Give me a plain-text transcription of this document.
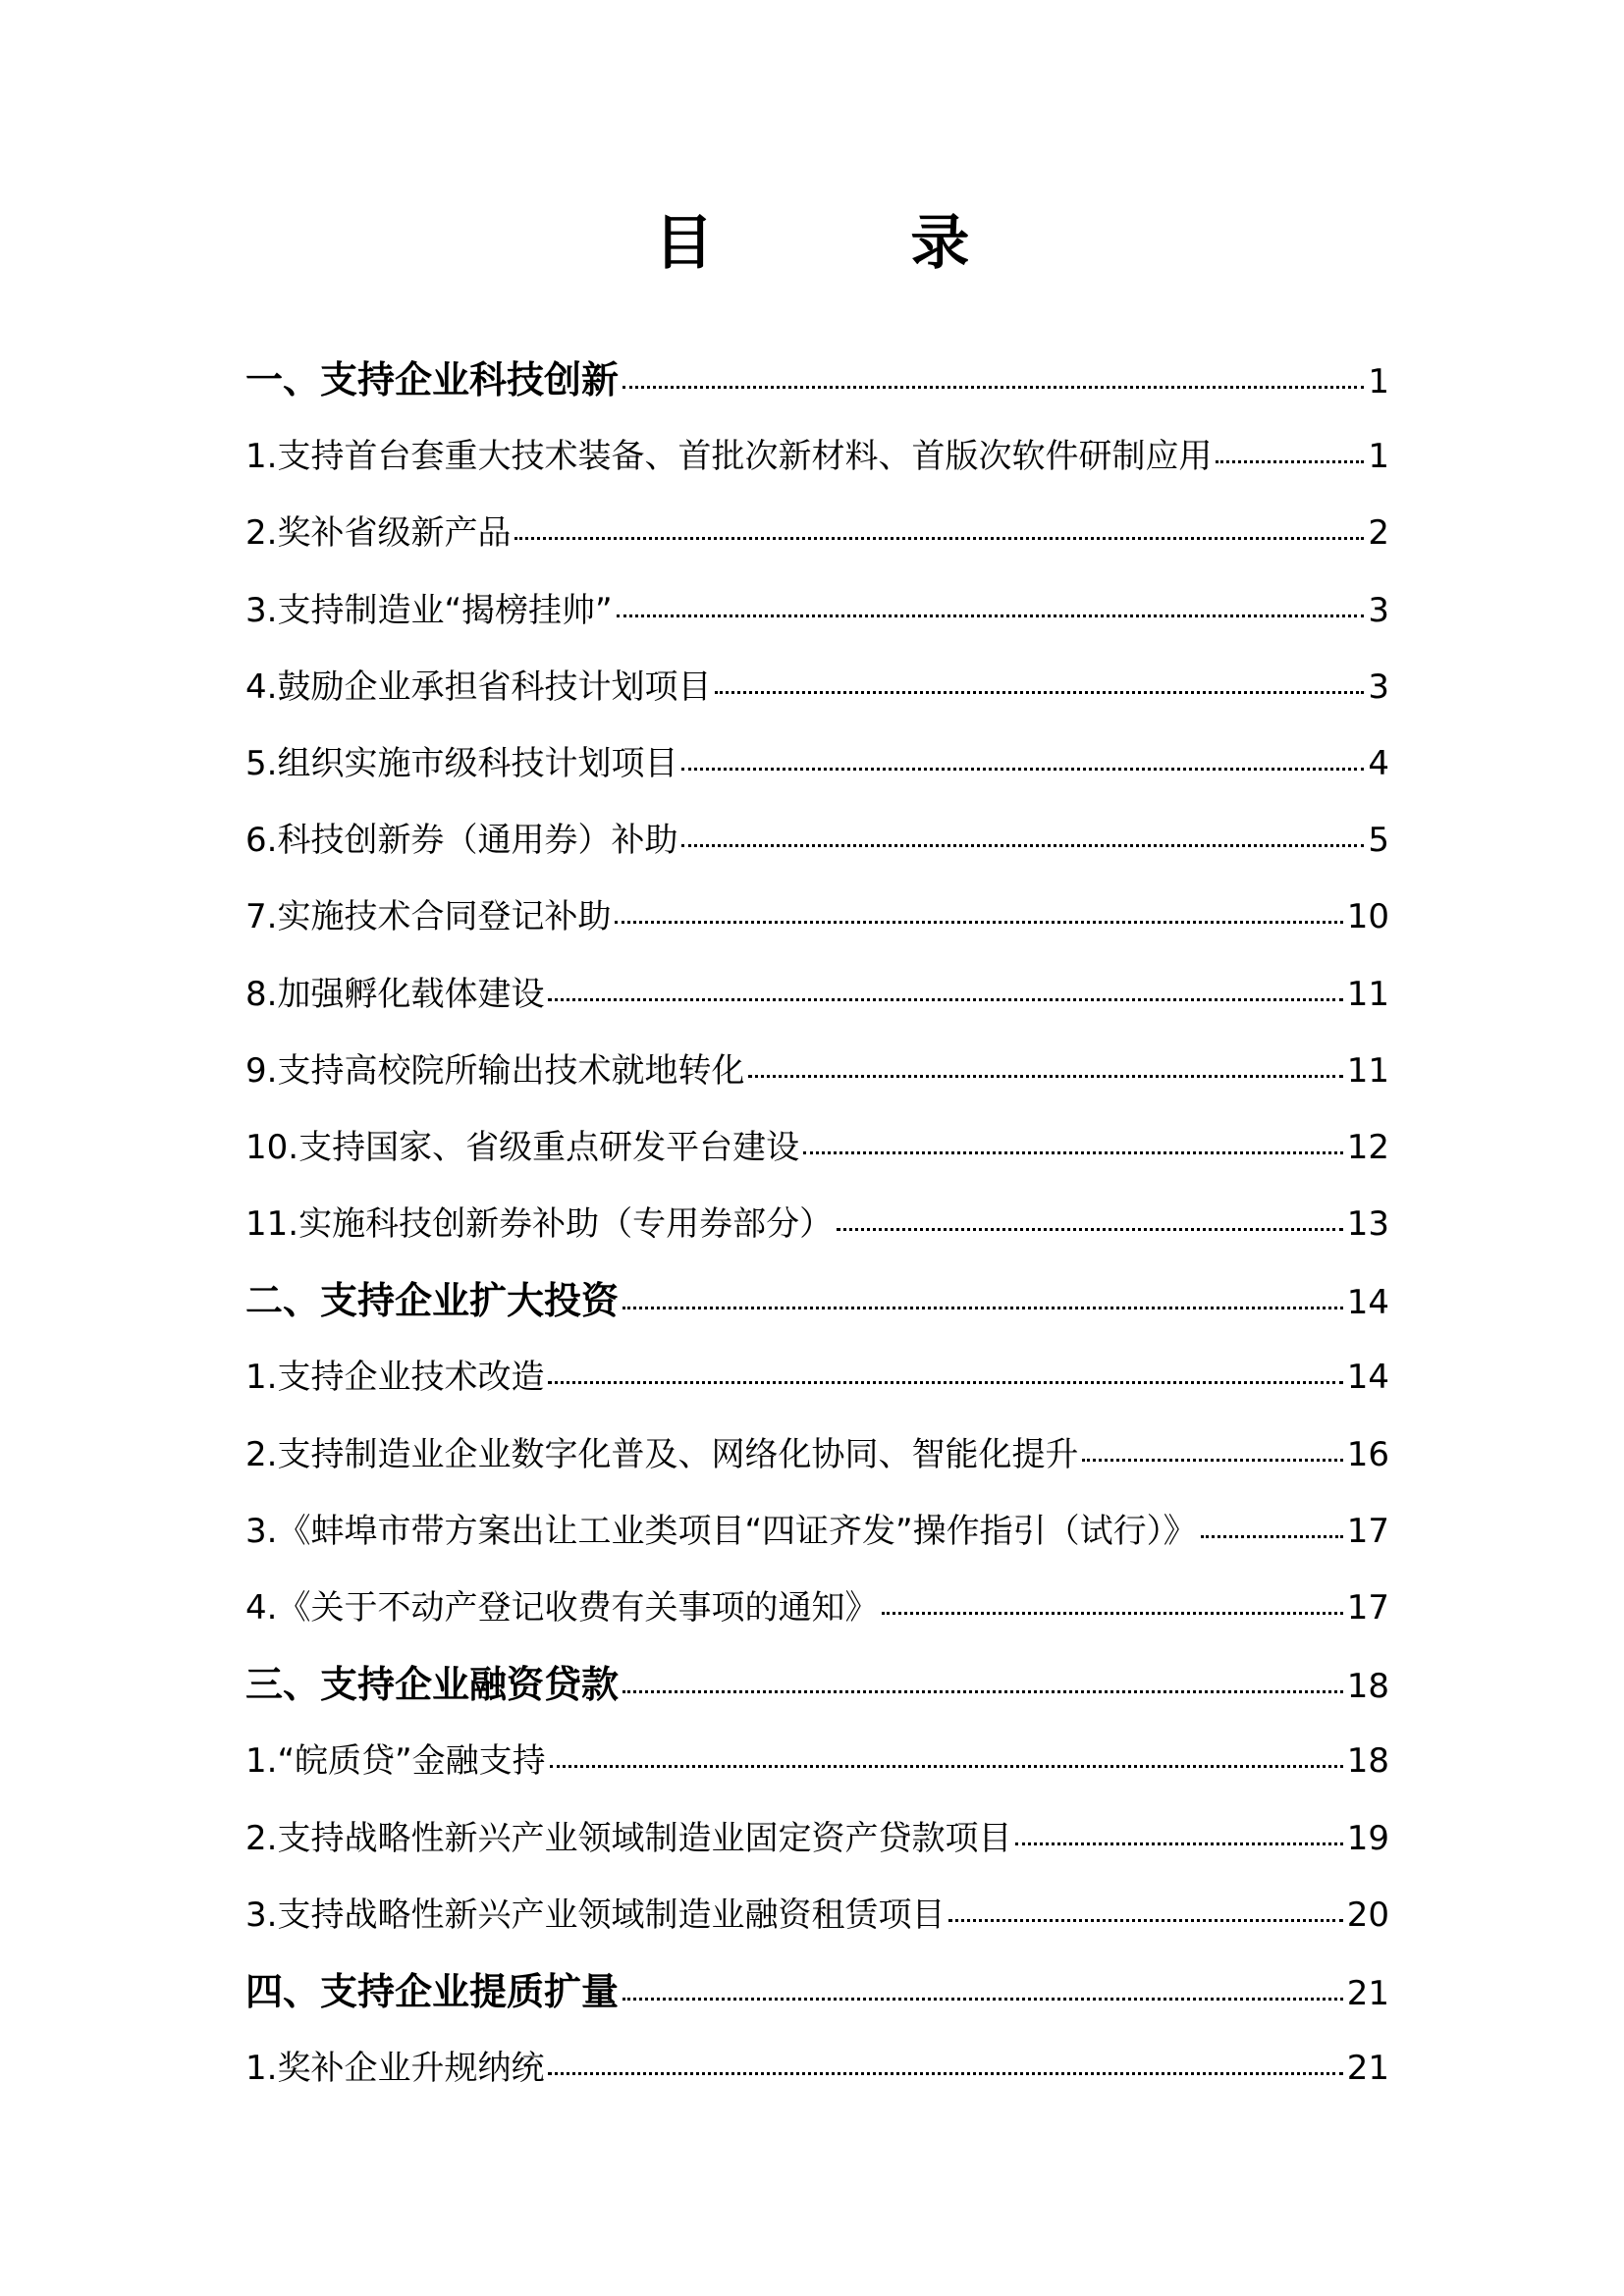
目 录
一、支持企业科技创新	1
1.支持首台套重大技术装备、首批次新材料、首版次软件研制应用	1
2.奖补省级新产品	2
3.支持制造业“揭榜挂帅”	3
4.鼓励企业承担省科技计划项目	3
5.组织实施市级科技计划项目	4
6.科技创新券（通用券）补助	5
7.实施技术合同登记补助	10
8.加强孵化载体建设	11
9.支持高校院所输出技术就地转化	11
10.支持国家、省级重点研发平台建设	12
11.实施科技创新券补助（专用券部分）	13
二、支持企业扩大投资	14
1.支持企业技术改造	14
2.支持制造业企业数字化普及、网络化协同、智能化提升	16
3.《蚌埠市带方案出让工业类项目“四证齐发”操作指引（试行）》	17
4.《关于不动产登记收费有关事项的通知》	17
三、支持企业融资贷款	18
1.“皖质贷”金融支持	18
2.支持战略性新兴产业领域制造业固定资产贷款项目	19
3.支持战略性新兴产业领域制造业融资租赁项目	20
四、支持企业提质扩量	21
1.奖补企业升规纳统	21
